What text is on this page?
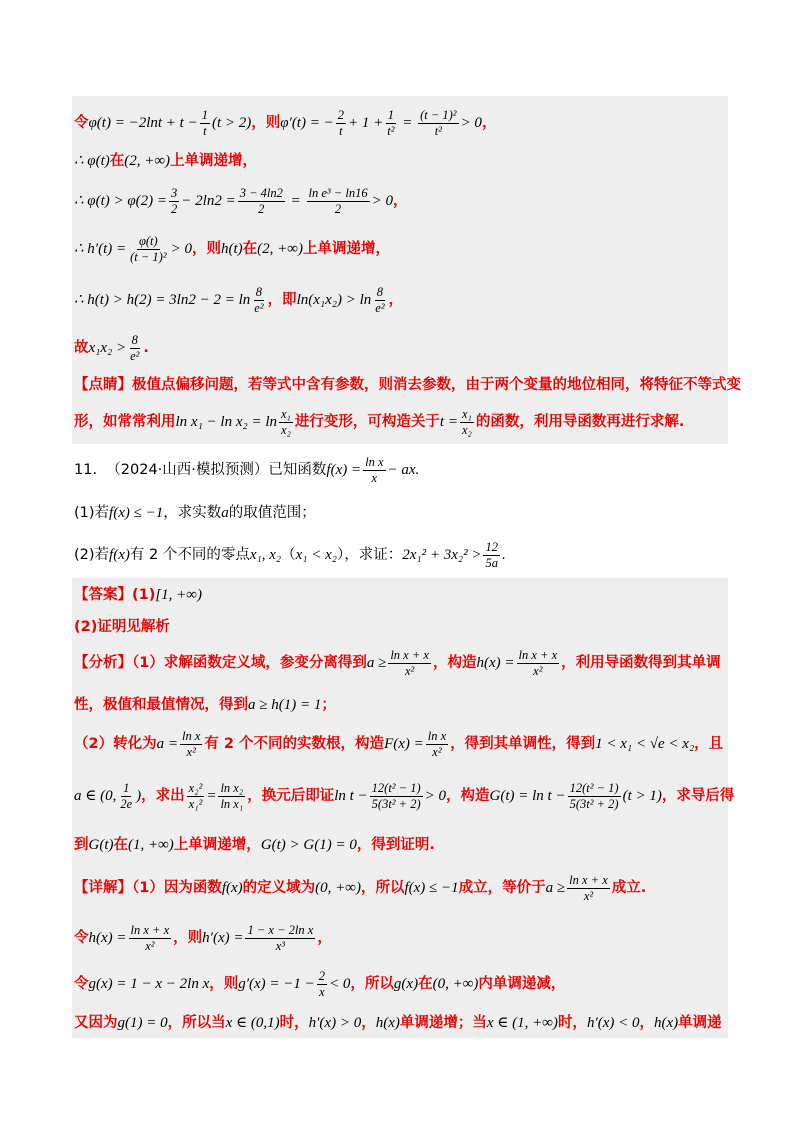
令 $\varphi(t) = -2\ln t + t - \frac{1}{t} (t > 2)$ ，则 φ′(t) = − $\frac{2}{t} + 1 + \frac{1}{\text{t²}} = \frac{\text{(t − 1)²}}{\text{t²}} > 0$ ，
∴ φ(t) 在 (2, +∞) 上单调递增，
∴ $\varphi(t) > \varphi(2) = \frac{3}{2} - 2\ln 2 = \frac{3 - 4\ln 2}{2} = \frac{\text{ln e³ − ln16}}{2} > 0$ ，
∴ $h'(t) = \frac{\varphi(t)}{\text{(t − 1)²}} > 0$ ，则 h(t) 在 (2, +∞) 上单调递增，
∴ $h(t) > h(2) = 3\ln 2 - 2 = \ln \frac{8}{\text{e²}}$ ，即 $\ln(x_1x_2) > \ln \frac{8}{\text{e²}}$ ，
故 $x_1x_2 > \frac{8}{\text{e²}}$ .
【点睛】极值点偏移问题，若等式中含有参数，则消去参数，由于两个变量的地位相同，将特征不等式变
形，如常常利用 $\ln x_1 - \ln x_2 = \ln \frac{\text{x₁}}{\text{x₂}}$ 进行变形，可构造关于 $t = \frac{\text{x₁}}{\text{x₂}}$ 的函数，利用导函数再进行求解.
11.
（2024·山西·模拟预测）已知函数 $f(x) = \frac{\text{ln x}}{x}$ − ax.
(1)若 f(x) ≤ −1 ，求实数 a 的取值范围；
(2)若 f(x) 有 2 个不同的零点 x₁, x₂ （ x₁ < x₂ ），求证： $2x_1^2 + 3x_2^2 > \frac{12}{5a}$ .
【答案】(1) [1, +∞)
(2)证明见解析
【分析】（1）求解函数定义域，参变分离得到 $a \ge \frac{\text{ln x + x}}{\text{x²}}$ ，构造 $h(x) = \frac{\text{ln x + x}}{\text{x²}}$ ，利用导函数得到其单调
性，极值和最值情况，得到 a ≥ h(1) = 1 ；
（2）转化为 $a = \frac{\text{ln x}}{\text{x²}}$ 有 2 个不同的实数根，构造 $F(x) = \frac{\text{ln x}}{\text{x²}}$ ，得到其单调性，得到 1 < x₁ < √e < x₂ ，且
a ∈ (0, $\frac{1}{2e}$ ) ，求出 $\frac{\text{x₂²}}{\text{x₁²}} = \frac{\text{ln x₂}}{\text{ln x₁}}$ ，换元后即证 $\ln t - \frac{\text{12(t² − 1)}}{\text{5(3t² + 2)}} > 0$ ，构造 $G(t) = \ln t - \frac{\text{12(t² − 1)}}{\text{5(3t² + 2)}} (t > 1)$ ，求导后得
到 G(t) 在 (1, +∞) 上单调递增， G(t) > G(1) = 0 ，得到证明.
【详解】（1）因为函数 f(x) 的定义域为 (0, +∞) ，所以 f(x) ≤ −1 成立，等价于 $a \ge \frac{\text{ln x + x}}{\text{x²}}$ 成立.
令 $h(x) = \frac{\text{ln x + x}}{\text{x²}}$ ，则 $h'(x) = \frac{\text{1 − x − 2ln x}}{\text{x³}}$ ，
令 g(x) = 1 − x − 2ln x ，则 $g'(x) = -1 - \frac{2}{x} < 0$ ，所以 g(x) 在 (0, +∞) 内单调递减，
又因为 g(1) = 0 ，所以当 x ∈ (0,1) 时， h′(x) > 0 ， h(x) 单调递增；当 x ∈ (1, +∞) 时， h′(x) < 0 ， h(x) 单调递
